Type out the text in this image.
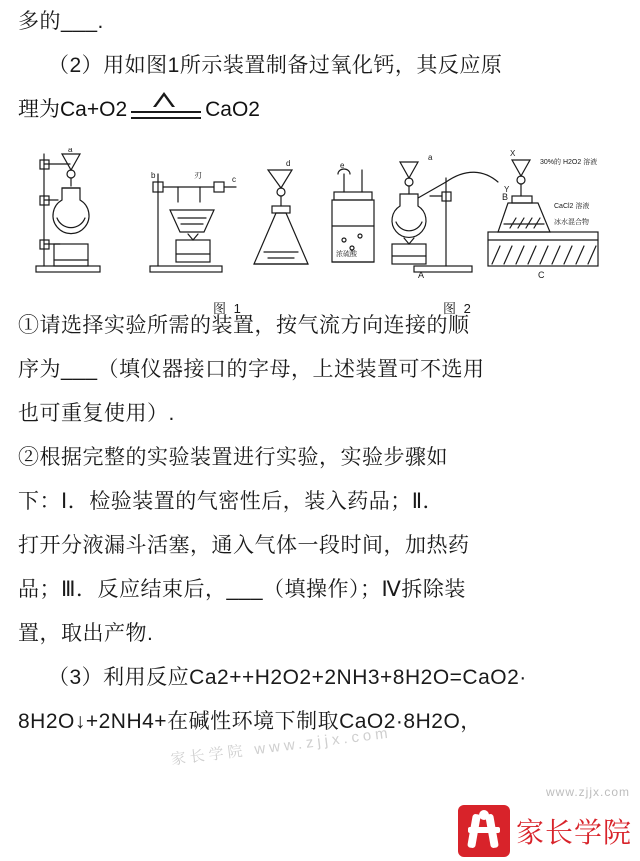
多的___.
（2）用如图1所示装置制备过氧化钙，其反应原
理为Ca+O2	CaO2
a
b	刃	c
d	e
浓硫酸
a
A
X
Y
B
30%的 H2O2 溶液
CaCl2 溶液
冰水混合物
C
图 1	图 2
①请选择实验所需的装置，按气流方向连接的顺
序为___（填仪器接口的字母，上述装置可不选用
也可重复使用）.
②根据完整的实验装置进行实验，实验步骤如
下：Ⅰ．检验装置的气密性后，装入药品；Ⅱ．
打开分液漏斗活塞，通入气体一段时间，加热药
品；Ⅲ．反应结束后，___（填操作）；Ⅳ拆除装
置，取出产物.
（3）利用反应Ca2++H2O2+2NH3+8H2O=CaO2·
8H2O↓+2NH4+在碱性环境下制取CaO2·8H2O，
家长学院 www.zjjx.com
www.zjjx.com
家长学院
